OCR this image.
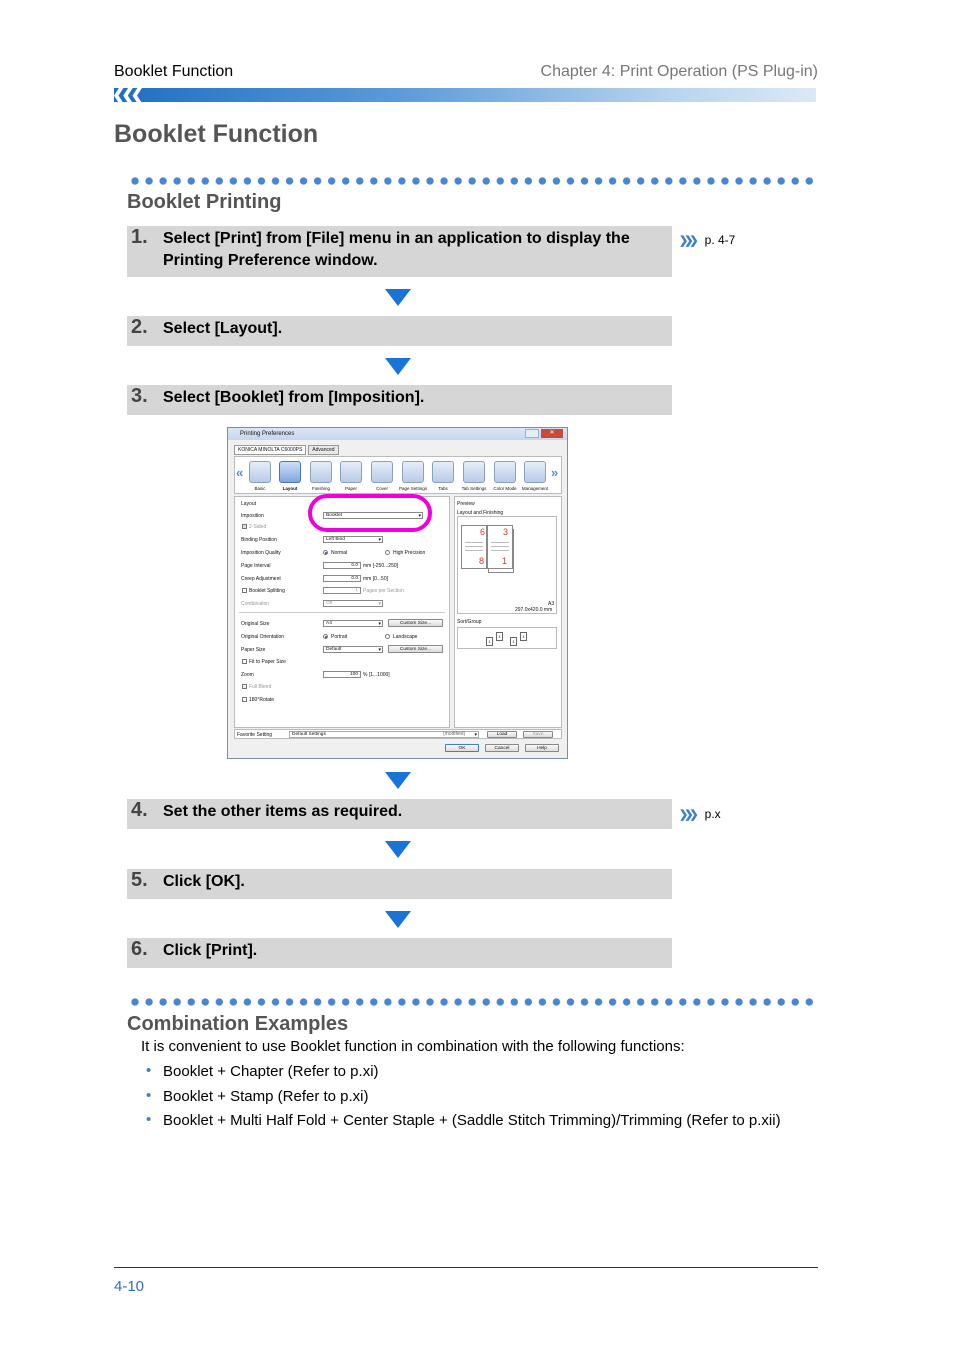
Booklet Function	Chapter 4: Print Operation (PS Plug-in)
❮❮❮
Booklet Function
Booklet Printing
1. Select [Print] from [File] menu in an application to display the Printing Preference window.
❯❯❯ p. 4-7
2. Select [Layout].
3. Select [Booklet] from [Imposition].
Printing Preferences	✕
KONICA MINOLTA C6000PS	Advanced
«	»
Basic	Layout	Finishing	Paper	Cover	Page Settings	Tabs	Tab Settings	Color Mode	Management
Layout
Imposition	Booklet ▾
2-Sided
Binding Position	Left Bind ▾
Imposition Quality	Normal	High Precision
Page Interval	0.0	mm [-250...250]
Creep Adjustment	0.0	mm [0...50]
Booklet Splitting	1	Pages per Section
Combination	Off ▾
Original Size	A4 ▾	Custom Size...
Original Orientation	Portrait	Landscape
Paper Size	Default ▾	Custom Size...
Fit to Paper Size
Zoom	100	% [1...1000]
Full Bleed
180°Rotate
Preview
Layout and Finishing
6
8
3
1
A3
297.0x420.0 mm
Sort/Group
1
1
1
1
Favorite Setting	Default Settings ▾	(modified)	Load	Save
OK	Cancel	Help
4. Set the other items as required.	❯❯❯ p.x
5. Click [OK].
6. Click [Print].
Combination Examples
It is convenient to use Booklet function in combination with the following functions:
• Booklet + Chapter (Refer to p.xi)
• Booklet + Stamp (Refer to p.xi)
• Booklet + Multi Half Fold + Center Staple + (Saddle Stitch Trimming)/Trimming (Refer to p.xii)
4-10
